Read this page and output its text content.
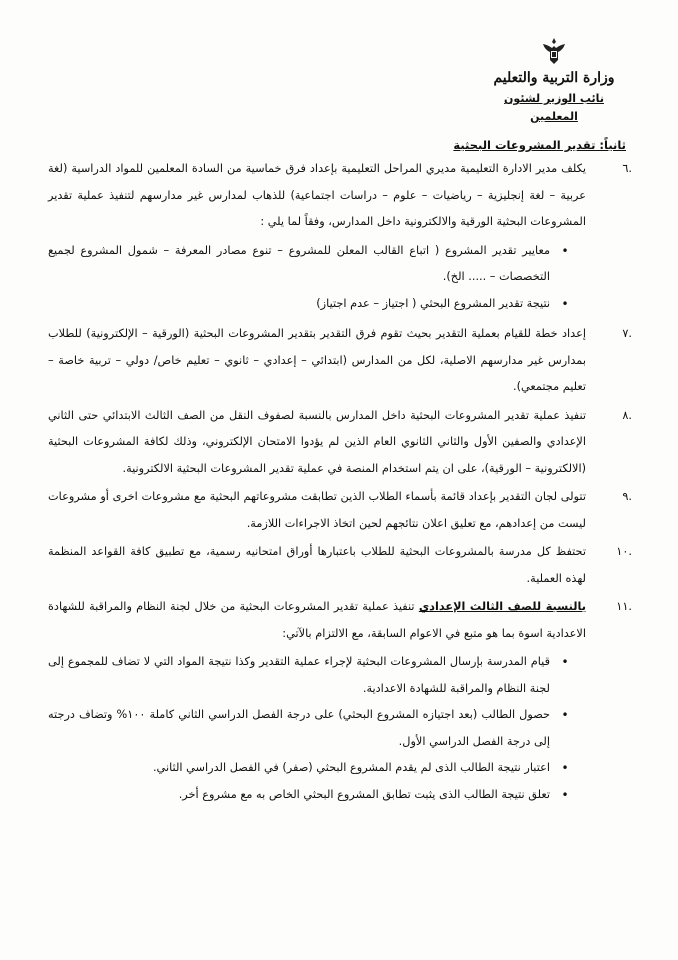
وزارة التربية والتعليم
نائب الوزير لشئون المعلمين
ثانياً: تقدير المشروعات البحثية

.٦
يكلف مدير الادارة التعليمية مديري المراحل التعليمية بإعداد فرق خماسية من السادة المعلمين للمواد الدراسية (لغة عربية – لغة إنجليزية – رياضيات – علوم – دراسات اجتماعية) للذهاب لمدارس غير مدارسهم لتنفيذ عملية تقدير المشروعات البحثية الورقية والالكترونية داخل المدارس، وفقاً لما يلي :

•
معايير تقدير المشروع ( اتباع القالب المعلن للمشروع – تنوع مصادر المعرفة – شمول المشروع لجميع التخصصات – ..... الخ).
•
نتيجة تقدير المشروع البحثي ( اجتياز – عدم اجتياز)

.٧
إعداد خطة للقيام بعملية التقدير بحيث تقوم فرق التقدير بتقدير المشروعات البحثية (الورقية – الإلكترونية) للطلاب بمدارس غير مدارسهم الاصلية، لكل من المدارس (ابتدائي – إعدادي – ثانوي – تعليم خاص/ دولي – تربية خاصة – تعليم مجتمعي).

.٨
تنفيذ عملية تقدير المشروعات البحثية داخل المدارس بالنسبة لصفوف النقل من الصف الثالث الابتدائي حتى الثاني الإعدادي والصفين الأول والثاني الثانوي العام الذين لم يؤدوا الامتحان الإلكتروني، وذلك لكافة المشروعات البحثية (الالكترونية – الورقية)، على ان يتم استخدام المنصة في عملية تقدير المشروعات البحثية الالكترونية.

.٩
تتولى لجان التقدير بإعداد قائمة بأسماء الطلاب الذين تطابقت مشروعاتهم البحثية مع مشروعات اخرى أو مشروعات ليست من إعدادهم، مع تعليق اعلان نتائجهم لحين اتخاذ الاجراءات اللازمة.

.١٠
تحتفظ كل مدرسة بالمشروعات البحثية للطلاب باعتبارها أوراق امتحانيه رسمية، مع تطبيق كافة القواعد المنظمة لهذه العملية.

.١١
بالنسبة للصف الثالث الإعدادي تنفيذ عملية تقدير المشروعات البحثية من خلال لجنة النظام والمراقبة للشهادة الاعدادية اسوة بما هو متبع في الاعوام السابقة، مع الالتزام بالآتي:

•
قيام المدرسة بإرسال المشروعات البحثية لإجراء عملية التقدير وكذا نتيجة المواد التي لا تضاف للمجموع إلى لجنة النظام والمراقبة للشهادة الاعدادية.
•
حصول الطالب (بعد اجتيازه المشروع البحثي) على درجة الفصل الدراسي الثاني كاملة ١٠٠% وتضاف درجته إلى درجة الفصل الدراسي الأول.
•
اعتبار نتيجة الطالب الذى لم يقدم المشروع البحثي (صفر) في الفصل الدراسي الثاني.
•
تعلق نتيجة الطالب الذى يثبت تطابق المشروع البحثي الخاص به مع مشروع أخر.
